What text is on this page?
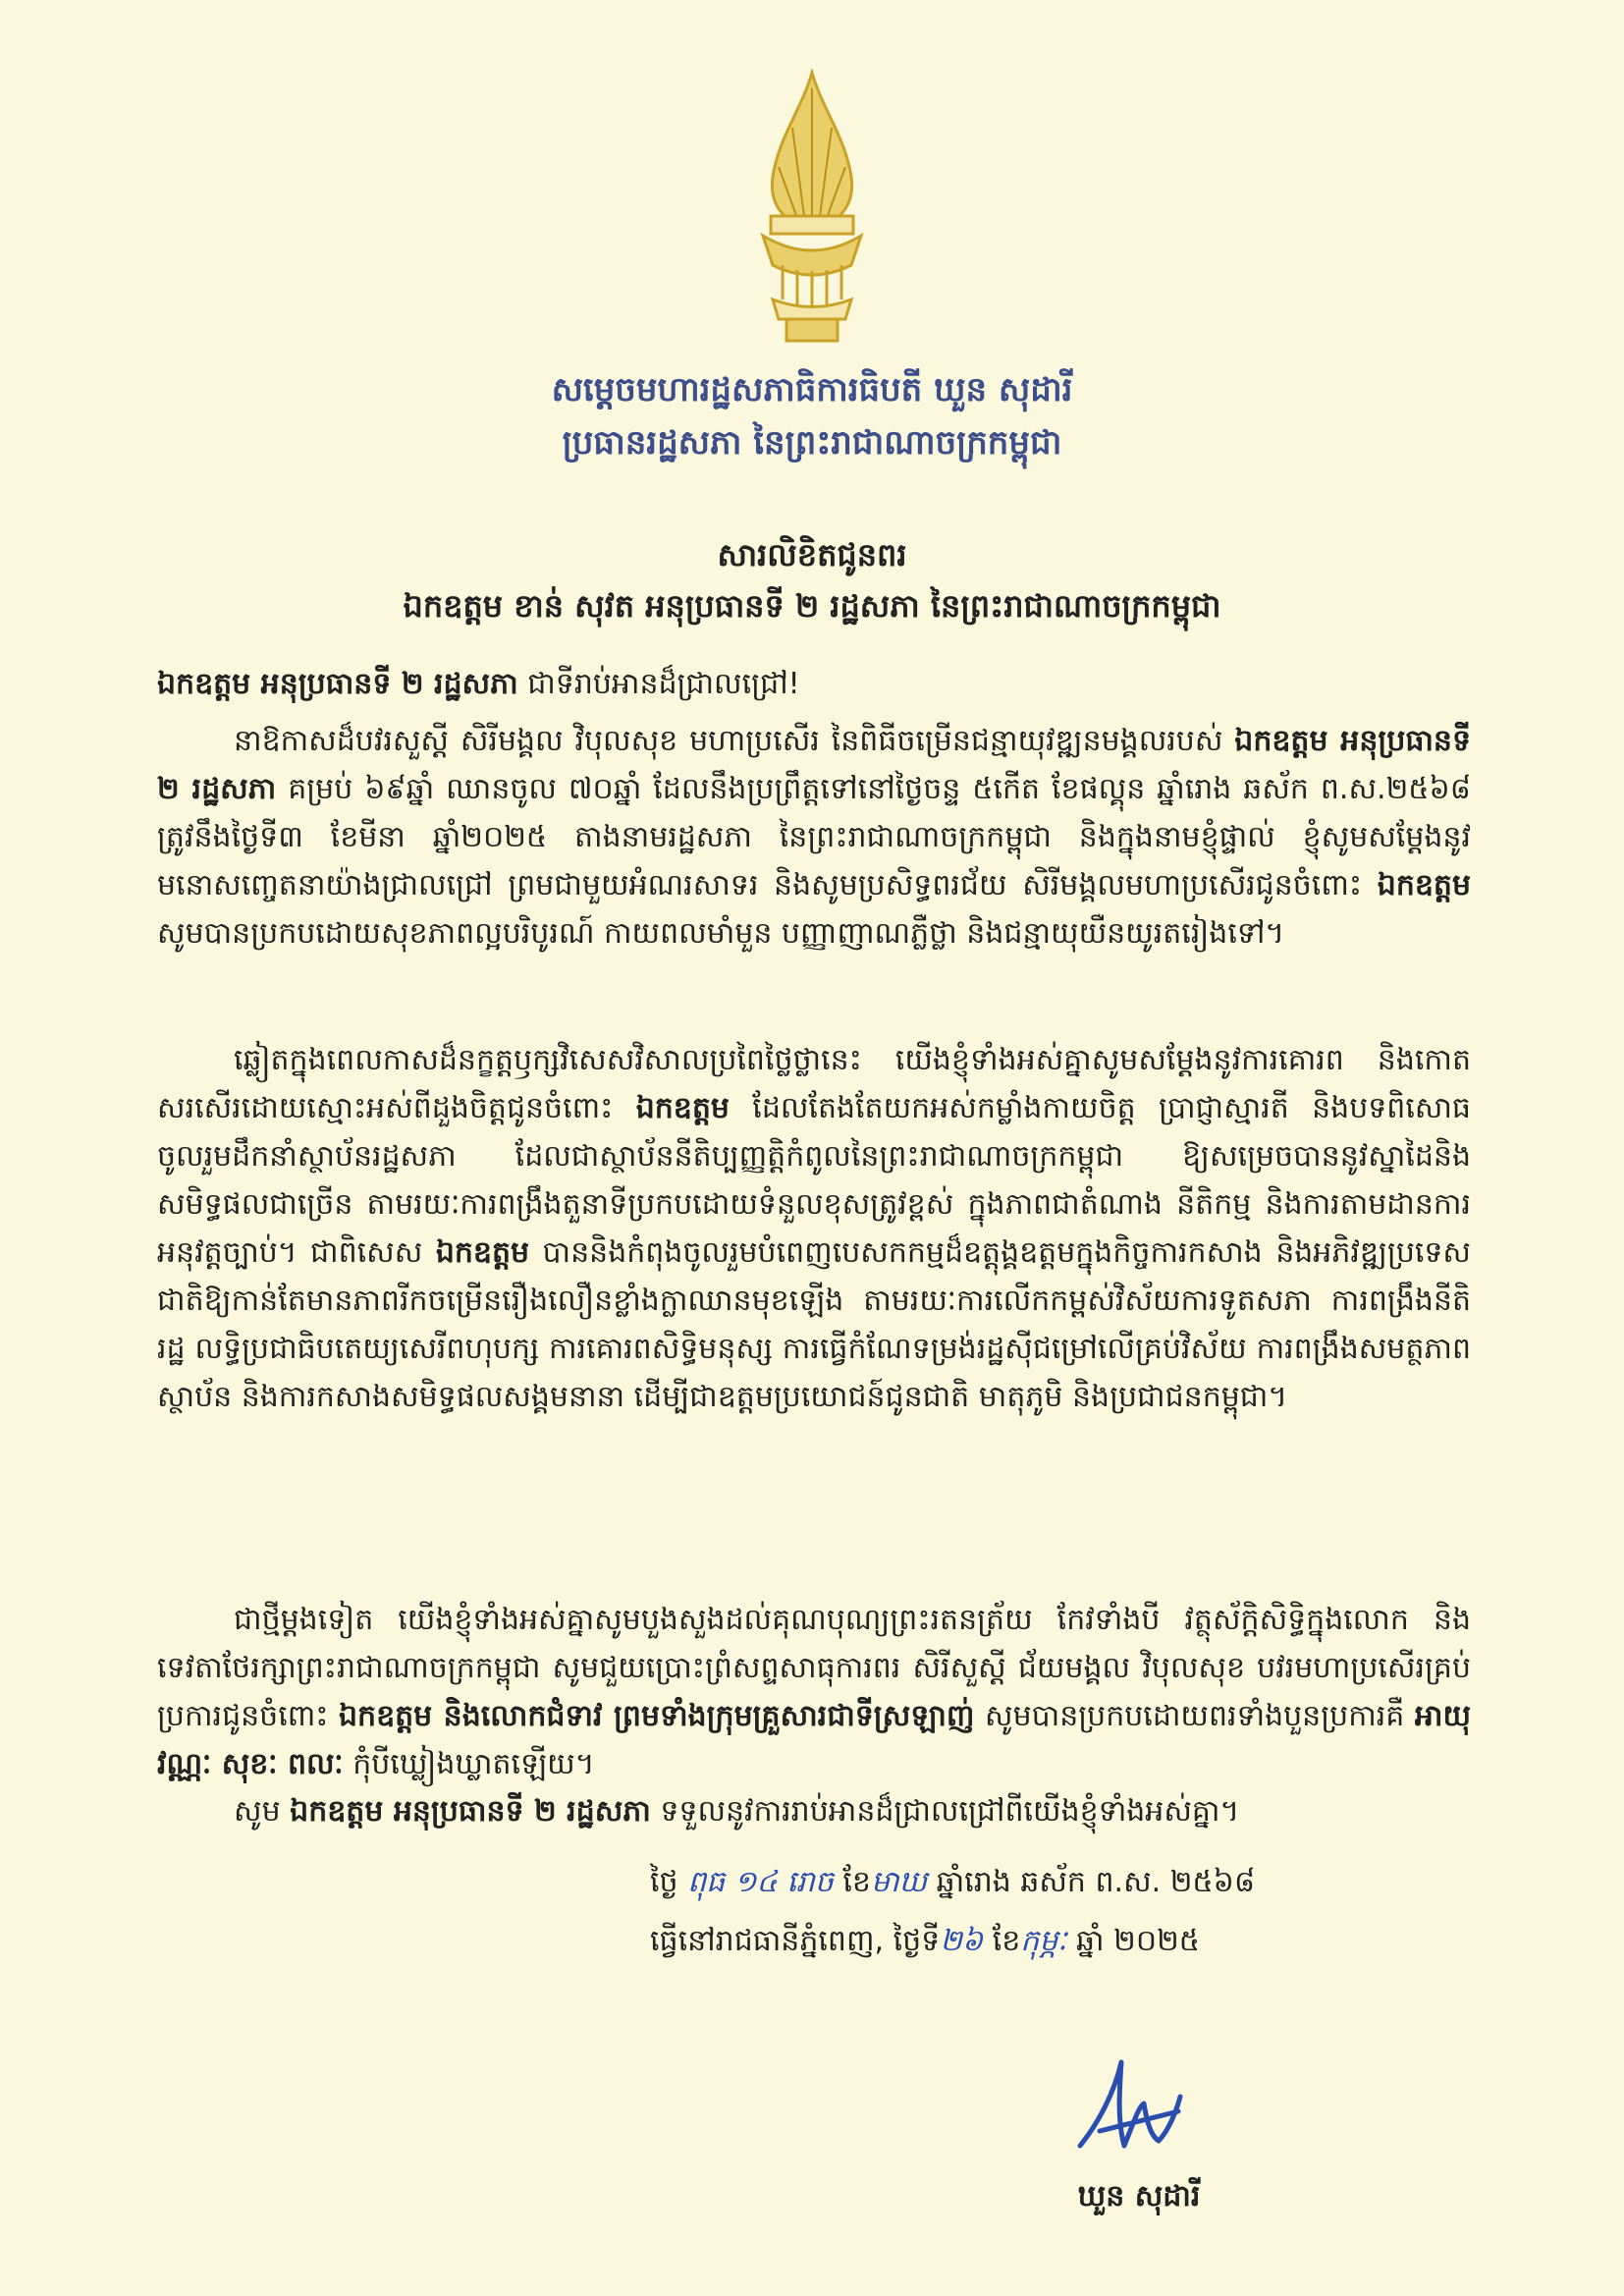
សម្តេចមហារដ្ឋសភាធិការធិបតី ឃួន សុដារី
ប្រធានរដ្ឋសភា នៃព្រះរាជាណាចក្រកម្ពុជា
សារលិខិតជូនពរ
ឯកឧត្តម ខាន់ សុវត អនុប្រធានទី ២ រដ្ឋសភា នៃព្រះរាជាណាចក្រកម្ពុជា
ឯកឧត្តម អនុប្រធានទី ២ រដ្ឋសភា ជាទីរាប់អានដ៏ជ្រាលជ្រៅ!
នាឱកាសដ៏បវរសួស្តី សិរីមង្គល វិបុលសុខ មហាប្រសើរ នៃពិធីចម្រើនជន្មាយុវឌ្ឍនមង្គលរបស់ ឯកឧត្តម អនុប្រធានទី ២ រដ្ឋសភា គម្រប់ ៦៩ឆ្នាំ ឈានចូល ៧០ឆ្នាំ ដែលនឹងប្រព្រឹត្តទៅនៅថ្ងៃចន្ទ ៥កើត ខែផល្គុន ឆ្នាំរោង ឆស័ក ព.ស.២៥៦៨ ត្រូវនឹងថ្ងៃទី៣ ខែមីនា ឆ្នាំ២០២៥ តាងនាមរដ្ឋសភា នៃព្រះរាជាណាចក្រកម្ពុជា និងក្នុងនាមខ្ញុំផ្ទាល់ ខ្ញុំសូមសម្តែងនូវមនោសញ្ចេតនាយ៉ាងជ្រាលជ្រៅ ព្រមជាមួយអំណរសាទរ និងសូមប្រសិទ្ធពរជ័យ សិរីមង្គលមហាប្រសើរជូនចំពោះ ឯកឧត្តម សូមបានប្រកបដោយសុខភាពល្អបរិបូរណ៍ កាយពលមាំមួន បញ្ញាញាណភ្លឺថ្លា និងជន្មាយុយឺនយូរតរៀងទៅ។
ឆ្លៀតក្នុងពេលកាសដ៏នក្ខត្តឫក្សវិសេសវិសាលប្រពៃថ្លៃថ្លានេះ យើងខ្ញុំទាំងអស់គ្នាសូមសម្តែងនូវការគោរព និងកោតសរសើរដោយស្មោះអស់ពីដួងចិត្តជូនចំពោះ ឯកឧត្តម ដែលតែងតែយកអស់កម្លាំងកាយចិត្ត ប្រាជ្ញាស្មារតី និងបទពិសោធ ចូលរួមដឹកនាំស្ថាប័នរដ្ឋសភា ដែលជាស្ថាប័ននីតិប្បញ្ញត្តិកំពូលនៃព្រះរាជាណាចក្រកម្ពុជា ឱ្យសម្រេចបាននូវស្នាដៃនិងសមិទ្ធផលជាច្រើន តាមរយៈការពង្រឹងតួនាទីប្រកបដោយទំនួលខុសត្រូវខ្ពស់ ក្នុងភាពជាតំណាង នីតិកម្ម និងការតាមដានការអនុវត្តច្បាប់។ ជាពិសេស ឯកឧត្តម បាននិងកំពុងចូលរួមបំពេញបេសកកម្មដ៏ឧត្តុង្គឧត្តមក្នុងកិច្ចការកសាង និងអភិវឌ្ឍប្រទេសជាតិឱ្យកាន់តែមានភាពរីកចម្រើនរឿងលឿនខ្លាំងក្លាឈានមុខឡើង តាមរយៈការលើកកម្ពស់វិស័យការទូតសភា ការពង្រឹងនីតិរដ្ឋ លទ្ធិប្រជាធិបតេយ្យសេរីពហុបក្ស ការគោរពសិទ្ធិមនុស្ស ការធ្វើកំណែទម្រង់រដ្ឋស៊ីជម្រៅលើគ្រប់វិស័យ ការពង្រឹងសមត្ថភាពស្ថាប័ន និងការកសាងសមិទ្ធផលសង្គមនានា ដើម្បីជាឧត្តមប្រយោជន៍ជូនជាតិ មាតុភូមិ និងប្រជាជនកម្ពុជា។
ជាថ្មីម្តងទៀត យើងខ្ញុំទាំងអស់គ្នាសូមបួងសួងដល់គុណបុណ្យព្រះរតនត្រ័យ កែវទាំងបី វត្ថុស័ក្តិសិទ្ធិក្នុងលោក និងទេវតាថែរក្សាព្រះរាជាណាចក្រកម្ពុជា សូមជួយប្រោះព្រំសព្ទសាធុការពរ សិរីសួស្តី ជ័យមង្គល វិបុលសុខ បវរមហាប្រសើរគ្រប់ប្រការជូនចំពោះ ឯកឧត្តម និងលោកជំទាវ ព្រមទាំងក្រុមគ្រួសារជាទីស្រឡាញ់ សូមបានប្រកបដោយពរទាំងបួនប្រការគឺ អាយុ វណ្ណៈ សុខៈ ពលៈ កុំបីឃ្លៀងឃ្លាតឡើយ។
សូម ឯកឧត្តម អនុប្រធានទី ២ រដ្ឋសភា ទទួលនូវការរាប់អានដ៏ជ្រាលជ្រៅពីយើងខ្ញុំទាំងអស់គ្នា។
ថ្ងៃ ពុធ ១៤ រោច ខែមាឃ ឆ្នាំរោង ឆស័ក ព.ស. ២៥៦៨
ធ្វើនៅរាជធានីភ្នំពេញ, ថ្ងៃទី២៦ ខែកុម្ភៈ ឆ្នាំ ២០២៥
ឃួន សុដារី
